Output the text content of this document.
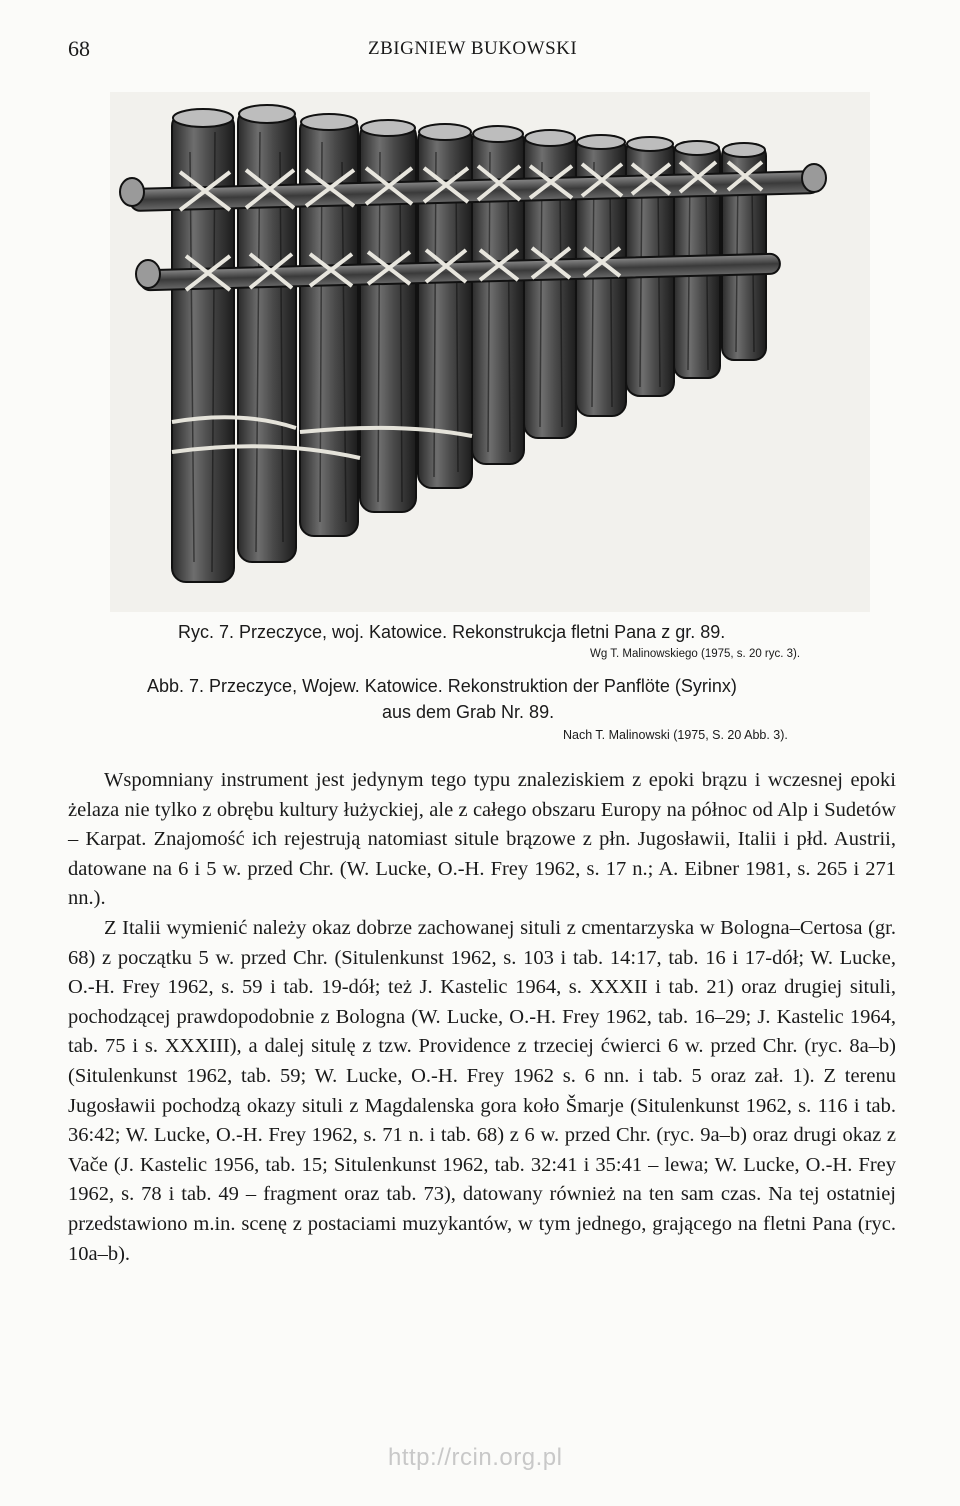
68	ZBIGNIEW BUKOWSKI
Ryc. 7. Przeczyce, woj. Katowice. Rekonstrukcja fletni Pana z gr. 89.
Wg T. Malinowskiego (1975, s. 20 ryc. 3).
Abb. 7. Przeczyce, Wojew. Katowice. Rekonstruktion der Panflöte (Syrinx)
aus dem Grab Nr. 89.
Nach T. Malinowski (1975, S. 20 Abb. 3).

Wspomniany instrument jest jedynym tego typu znaleziskiem z epoki brązu i wczesnej epoki żelaza nie tylko z obrębu kultury łużyckiej, ale z całego obszaru Europy na północ od Alp i Sudetów – Karpat. Znajomość ich rejestrują natomiast situle brązowe z płn. Jugosławii, Italii i płd. Austrii, datowane na 6 i 5 w. przed Chr. (W. Lucke, O.-H. Frey 1962, s. 17 n.; A. Eibner 1981, s. 265 i 271 nn.).

Z Italii wymienić należy okaz dobrze zachowanej situli z cmentarzyska w Bologna–Certosa (gr. 68) z początku 5 w. przed Chr. (Situlenkunst 1962, s. 103 i tab. 14:17, tab. 16 i 17-dół; W. Lucke, O.-H. Frey 1962, s. 59 i tab. 19-dół; też J. Kastelic 1964, s. XXXII i tab. 21) oraz drugiej situli, pochodzącej prawdopodobnie z Bologna (W. Lucke, O.-H. Frey 1962, tab. 16–29; J. Kastelic 1964, tab. 75 i s. XXXIII), a dalej situlę z tzw. Providence z trzeciej ćwierci 6 w. przed Chr. (ryc. 8a–b) (Situlenkunst 1962, tab. 59; W. Lucke, O.-H. Frey 1962 s. 6 nn. i tab. 5 oraz zał. 1). Z terenu Jugosławii pochodzą okazy situli z Magdalenska gora koło Šmarje (Situlenkunst 1962, s. 116 i tab. 36:42; W. Lucke, O.-H. Frey 1962, s. 71 n. i tab. 68) z 6 w. przed Chr. (ryc. 9a–b) oraz drugi okaz z Vače (J. Kastelic 1956, tab. 15; Situlenkunst 1962, tab. 32:41 i 35:41 – lewa; W. Lucke, O.-H. Frey 1962, s. 78 i tab. 49 – fragment oraz tab. 73), datowany również na ten sam czas. Na tej ostatniej przedstawiono m.in. scenę z postaciami muzykantów, w tym jednego, grającego na fletni Pana (ryc. 10a–b).

http://rcin.org.pl
